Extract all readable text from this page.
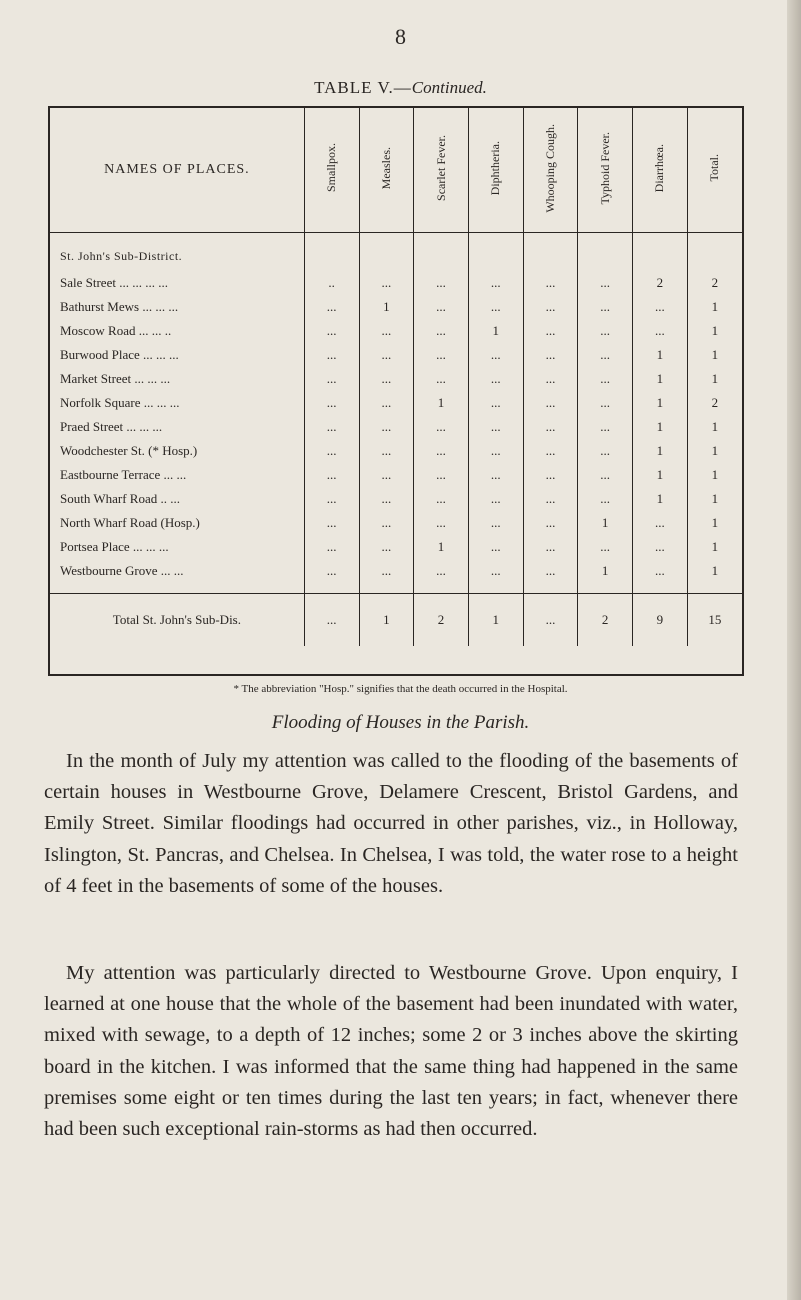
8
TABLE V.—Continued.
NAMES OF PLACES.	Smallpox.	Measles.	Scarlet Fever.	Diphtheria.	Whooping Cough.	Typhoid Fever.	Diarrhœa.	Total.
St. John's Sub-District.								
Sale Street ... ... ... ...	..	...	...	...	...	...	2	2
Bathurst Mews ... ... ...	...	1	...	...	...	...	...	1
Moscow Road ... ... ..	...	...	...	1	...	...	...	1
Burwood Place ... ... ...	...	...	...	...	...	...	1	1
Market Street ... ... ...	...	...	...	...	...	...	1	1
Norfolk Square ... ... ...	...	...	1	...	...	...	1	2
Praed Street ... ... ...	...	...	...	...	...	...	1	1
Woodchester St. (* Hosp.)	...	...	...	...	...	...	1	1
Eastbourne Terrace ... ...	...	...	...	...	...	...	1	1
South Wharf Road .. ...	...	...	...	...	...	...	1	1
North Wharf Road (Hosp.)	...	...	...	...	...	1	...	1
Portsea Place ... ... ...	...	...	1	...	...	...	...	1
Westbourne Grove ... ...	...	...	...	...	...	1	...	1

Total St. John's Sub-Dis.	...	1	2	1	...	2	9	15
* The abbreviation "Hosp." signifies that the death occurred in the Hospital.
Flooding of Houses in the Parish.

In the month of July my attention was called to the flooding of the basements of certain houses in Westbourne Grove, Delamere Crescent, Bristol Gardens, and Emily Street. Similar floodings had occurred in other parishes, viz., in Holloway, Islington, St. Pancras, and Chelsea. In Chelsea, I was told, the water rose to a height of 4 feet in the basements of some of the houses.

My attention was particularly directed to Westbourne Grove. Upon enquiry, I learned at one house that the whole of the basement had been inundated with water, mixed with sewage, to a depth of 12 inches; some 2 or 3 inches above the skirting board in the kitchen. I was informed that the same thing had happened in the same premises some eight or ten times during the last ten years; in fact, whenever there had been such exceptional rain-storms as had then occurred.
